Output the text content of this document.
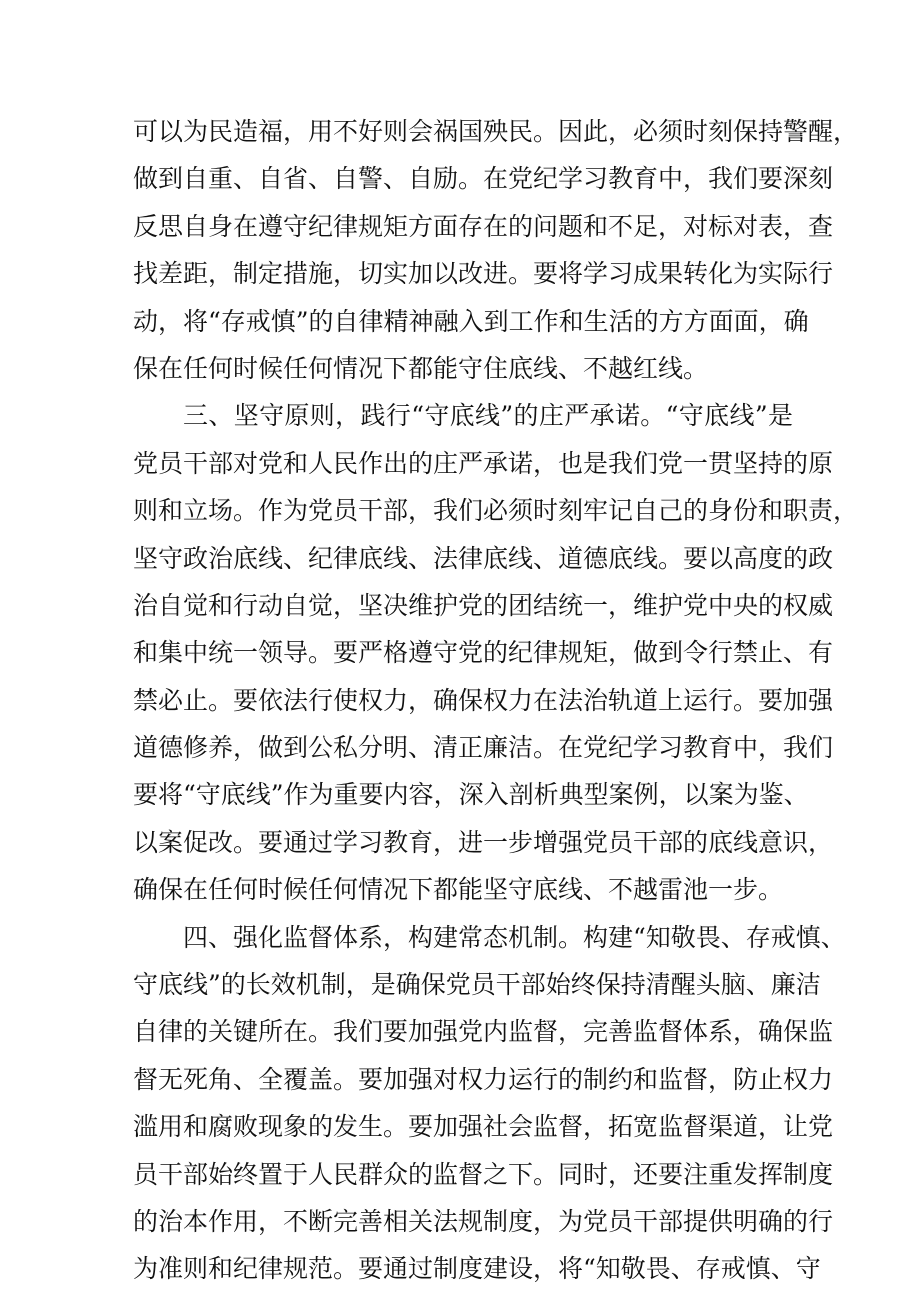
可以为民造福，用不好则会祸国殃民。因此，必须时刻保持警醒，
做到自重、自省、自警、自励。在党纪学习教育中，我们要深刻
反思自身在遵守纪律规矩方面存在的问题和不足，对标对表，查
找差距，制定措施，切实加以改进。要将学习成果转化为实际行
动，将“存戒慎”的自律精神融入到工作和生活的方方面面，确
保在任何时候任何情况下都能守住底线、不越红线。
三、坚守原则，践行“守底线”的庄严承诺。“守底线”是
党员干部对党和人民作出的庄严承诺，也是我们党一贯坚持的原
则和立场。作为党员干部，我们必须时刻牢记自己的身份和职责，
坚守政治底线、纪律底线、法律底线、道德底线。要以高度的政
治自觉和行动自觉，坚决维护党的团结统一，维护党中央的权威
和集中统一领导。要严格遵守党的纪律规矩，做到令行禁止、有
禁必止。要依法行使权力，确保权力在法治轨道上运行。要加强
道德修养，做到公私分明、清正廉洁。在党纪学习教育中，我们
要将“守底线”作为重要内容，深入剖析典型案例，以案为鉴、
以案促改。要通过学习教育，进一步增强党员干部的底线意识，
确保在任何时候任何情况下都能坚守底线、不越雷池一步。
四、强化监督体系，构建常态机制。构建“知敬畏、存戒慎、
守底线”的长效机制，是确保党员干部始终保持清醒头脑、廉洁
自律的关键所在。我们要加强党内监督，完善监督体系，确保监
督无死角、全覆盖。要加强对权力运行的制约和监督，防止权力
滥用和腐败现象的发生。要加强社会监督，拓宽监督渠道，让党
员干部始终置于人民群众的监督之下。同时，还要注重发挥制度
的治本作用，不断完善相关法规制度，为党员干部提供明确的行
为准则和纪律规范。要通过制度建设，将“知敬畏、存戒慎、守
